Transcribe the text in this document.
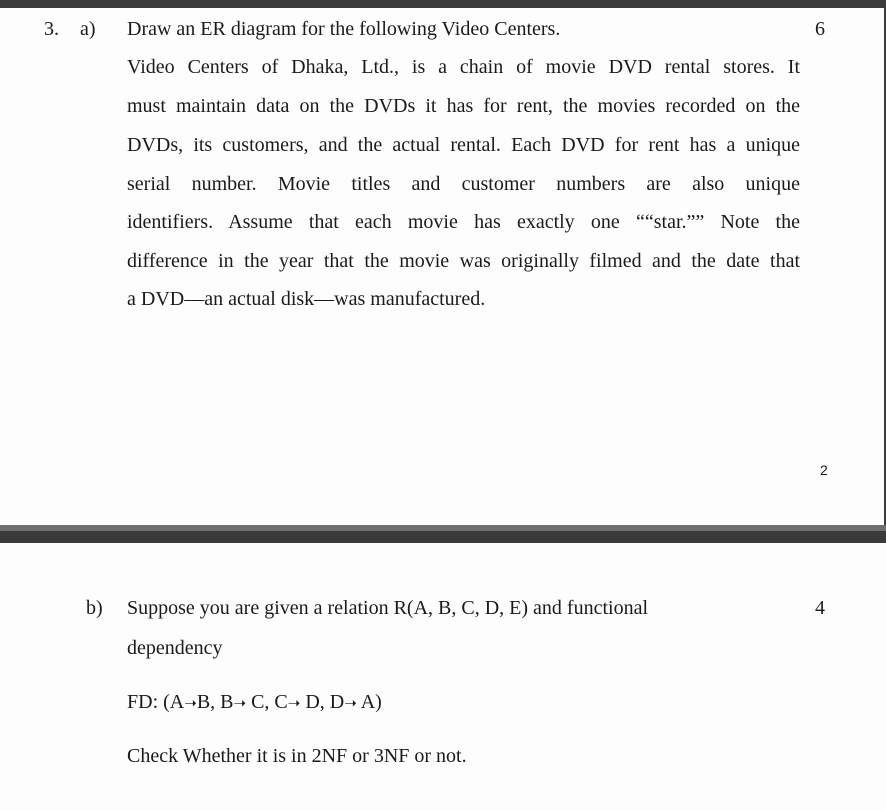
3. a) Draw an ER diagram for the following Video Centers.	6
Video Centers of Dhaka, Ltd., is a chain of movie DVD rental stores. It
must maintain data on the DVDs it has for rent, the movies recorded on the
DVDs, its customers, and the actual rental. Each DVD for rent has a unique
serial number. Movie titles and customer numbers are also unique
identifiers. Assume that each movie has exactly one ““star.”” Note the
difference in the year that the movie was originally filmed and the date that
a DVD—an actual disk—was manufactured.
2
b) Suppose you are given a relation R(A, B, C, D, E) and functional	4
dependency
FD: (A➝B, B➝ C, C➝ D, D➝ A)
Check Whether it is in 2NF or 3NF or not.
